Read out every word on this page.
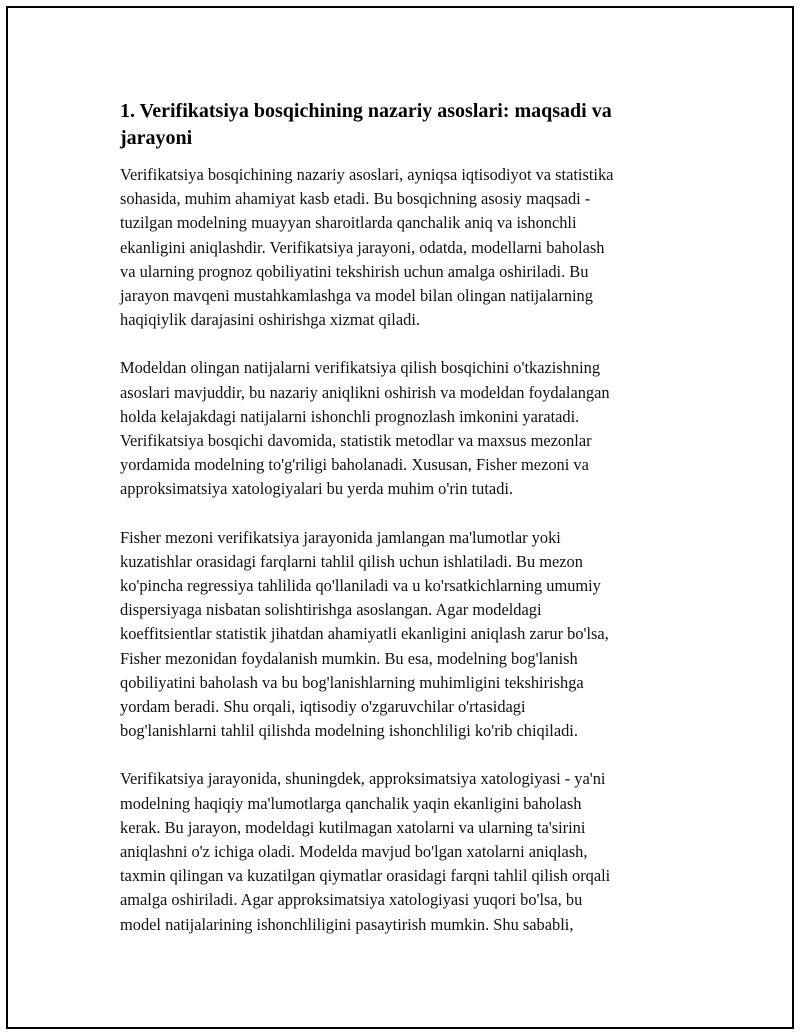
1. Verifikatsiya bosqichining nazariy asoslari: maqsadi va
jarayoni

Verifikatsiya bosqichining nazariy asoslari, ayniqsa iqtisodiyot va statistika
sohasida, muhim ahamiyat kasb etadi. Bu bosqichning asosiy maqsadi -
tuzilgan modelning muayyan sharoitlarda qanchalik aniq va ishonchli
ekanligini aniqlashdir. Verifikatsiya jarayoni, odatda, modellarni baholash
va ularning prognoz qobiliyatini tekshirish uchun amalga oshiriladi. Bu
jarayon mavqeni mustahkamlashga va model bilan olingan natijalarning
haqiqiylik darajasini oshirishga xizmat qiladi.

Modeldan olingan natijalarni verifikatsiya qilish bosqichini o'tkazishning
asoslari mavjuddir, bu nazariy aniqlikni oshirish va modeldan foydalangan
holda kelajakdagi natijalarni ishonchli prognozlash imkonini yaratadi.
Verifikatsiya bosqichi davomida, statistik metodlar va maxsus mezonlar
yordamida modelning to'g'riligi baholanadi. Xususan, Fisher mezoni va
approksimatsiya xatologiyalari bu yerda muhim o'rin tutadi.

Fisher mezoni verifikatsiya jarayonida jamlangan ma'lumotlar yoki
kuzatishlar orasidagi farqlarni tahlil qilish uchun ishlatiladi. Bu mezon
ko'pincha regressiya tahlilida qo'llaniladi va u ko'rsatkichlarning umumiy
dispersiyaga nisbatan solishtirishga asoslangan. Agar modeldagi
koeffitsientlar statistik jihatdan ahamiyatli ekanligini aniqlash zarur bo'lsa,
Fisher mezonidan foydalanish mumkin. Bu esa, modelning bog'lanish
qobiliyatini baholash va bu bog'lanishlarning muhimligini tekshirishga
yordam beradi. Shu orqali, iqtisodiy o'zgaruvchilar o'rtasidagi
bog'lanishlarni tahlil qilishda modelning ishonchliligi ko'rib chiqiladi.

Verifikatsiya jarayonida, shuningdek, approksimatsiya xatologiyasi - ya'ni
modelning haqiqiy ma'lumotlarga qanchalik yaqin ekanligini baholash
kerak. Bu jarayon, modeldagi kutilmagan xatolarni va ularning ta'sirini
aniqlashni o'z ichiga oladi. Modelda mavjud bo'lgan xatolarni aniqlash,
taxmin qilingan va kuzatilgan qiymatlar orasidagi farqni tahlil qilish orqali
amalga oshiriladi. Agar approksimatsiya xatologiyasi yuqori bo'lsa, bu
model natijalarining ishonchliligini pasaytirish mumkin. Shu sababli,
